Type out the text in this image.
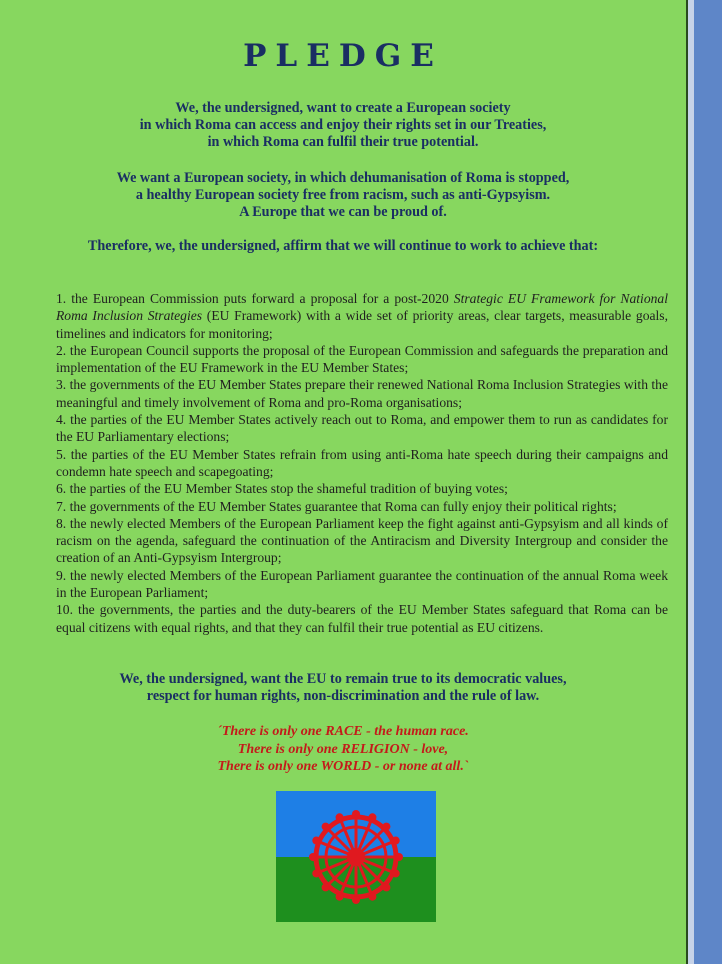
PLEDGE
We, the undersigned, want to create a European society
in which Roma can access and enjoy their rights set in our Treaties,
in which Roma can fulfil their true potential.
We want a European society, in which dehumanisation of Roma is stopped,
a healthy European society free from racism, such as anti-Gypsyism.
A Europe that we can be proud of.
Therefore, we, the undersigned, affirm that we will continue to work to achieve that:

1. the European Commission puts forward a proposal for a post-2020 Strategic EU Framework for National Roma Inclusion Strategies (EU Framework) with a wide set of priority areas, clear targets, measurable goals, timelines and indicators for monitoring;

2. the European Council supports the proposal of the European Commission and safeguards the preparation and implementation of the EU Framework in the EU Member States;

3. the governments of the EU Member States prepare their renewed National Roma Inclusion Strategies with the meaningful and timely involvement of Roma and pro-Roma organisations;

4. the parties of the EU Member States actively reach out to Roma, and empower them to run as candidates for the EU Parliamentary elections;

5. the parties of the EU Member States refrain from using anti-Roma hate speech during their campaigns and condemn hate speech and scapegoating;

6. the parties of the EU Member States stop the shameful tradition of buying votes;

7. the governments of the EU Member States guarantee that Roma can fully enjoy their political rights;

8. the newly elected Members of the European Parliament keep the fight against anti-Gypsyism and all kinds of racism on the agenda, safeguard the continuation of the Antiracism and Diversity Intergroup and consider the creation of an Anti-Gypsyism Intergroup;

9. the newly elected Members of the European Parliament guarantee the continuation of the annual Roma week in the European Parliament;

10. the governments, the parties and the duty-bearers of the EU Member States safeguard that Roma can be equal citizens with equal rights, and that they can fulfil their true potential as EU citizens.

We, the undersigned, want the EU to remain true to its democratic values,
respect for human rights, non-discrimination and the rule of law.
´There is only one RACE - the human race.
There is only one RELIGION - love,
There is only one WORLD - or none at all.`
